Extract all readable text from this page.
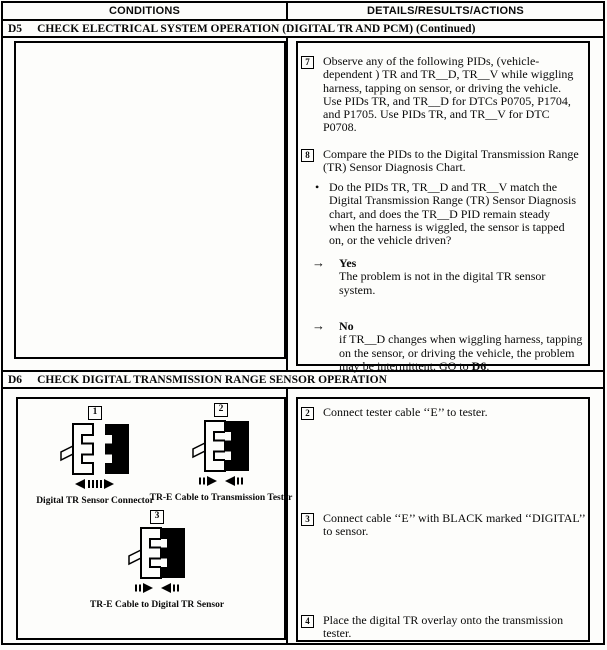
CONDITIONS	DETAILS/RESULTS/ACTIONS
D5 CHECK ELECTRICAL SYSTEM OPERATION (DIGITAL TR AND PCM) (Continued)
7	Observe any of the following PIDs, (vehicle-dependent ) TR and TR__D, TR__V while wiggling harness, tapping on sensor, or driving the vehicle. Use PIDs TR, and TR__D for DTCs P0705, P1704, and P1705. Use PIDs TR, and TR__V for DTC P0708.
8	Compare the PIDs to the Digital Transmission Range (TR) Sensor Diagnosis Chart.
• Do the PIDs TR, TR__D and TR__V match the Digital Transmission Range (TR) Sensor Diagnosis chart, and does the TR__D PID remain steady when the harness is wiggled, the sensor is tapped on, or the vehicle driven?
→	Yes
The problem is not in the digital TR sensor system.
→	No
if TR__D changes when wiggling harness, tapping on the sensor, or driving the vehicle, the problem may be intermittent. GO to D6.
D6 CHECK DIGITAL TRANSMISSION RANGE SENSOR OPERATION
1
Digital TR Sensor Connector
2
TR-E Cable to Transmission Tester
3
TR-E Cable to Digital TR Sensor
2	Connect tester cable ‘‘E’’ to tester.
3	Connect cable ‘‘E’’ with BLACK marked ‘‘DIGITAL’’ to sensor.
4	Place the digital TR overlay onto the transmission tester.
